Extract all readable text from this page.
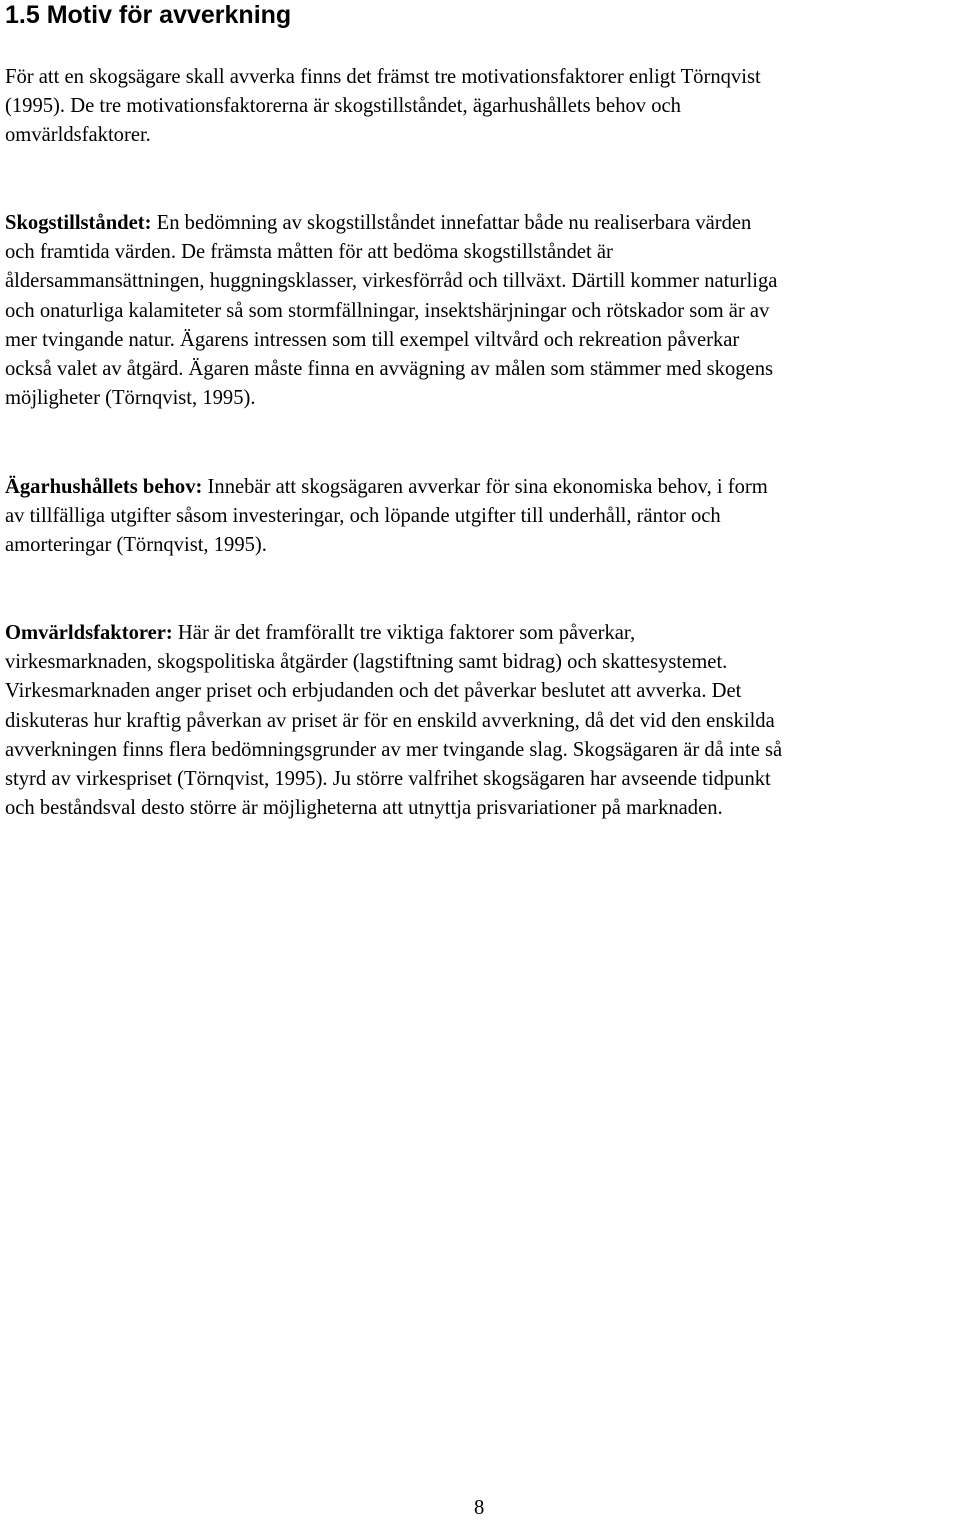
1.5 Motiv för avverkning

För att en skogsägare skall avverka finns det främst tre motivationsfaktorer enligt Törnqvist
(1995). De tre motivationsfaktorerna är skogstillståndet, ägarhushållets behov och
omvärldsfaktorer.

Skogstillståndet: En bedömning av skogstillståndet innefattar både nu realiserbara värden
och framtida värden. De främsta måtten för att bedöma skogstillståndet är
åldersammansättningen, huggningsklasser, virkesförråd och tillväxt. Därtill kommer naturliga
och onaturliga kalamiteter så som stormfällningar, insektshärjningar och rötskador som är av
mer tvingande natur. Ägarens intressen som till exempel viltvård och rekreation påverkar
också valet av åtgärd. Ägaren måste finna en avvägning av målen som stämmer med skogens
möjligheter (Törnqvist, 1995).

Ägarhushållets behov: Innebär att skogsägaren avverkar för sina ekonomiska behov, i form
av tillfälliga utgifter såsom investeringar, och löpande utgifter till underhåll, räntor och
amorteringar (Törnqvist, 1995).

Omvärldsfaktorer: Här är det framförallt tre viktiga faktorer som påverkar,
virkesmarknaden, skogspolitiska åtgärder (lagstiftning samt bidrag) och skattesystemet.
Virkesmarknaden anger priset och erbjudanden och det påverkar beslutet att avverka. Det
diskuteras hur kraftig påverkan av priset är för en enskild avverkning, då det vid den enskilda
avverkningen finns flera bedömningsgrunder av mer tvingande slag. Skogsägaren är då inte så
styrd av virkespriset (Törnqvist, 1995). Ju större valfrihet skogsägaren har avseende tidpunkt
och beståndsval desto större är möjligheterna att utnyttja prisvariationer på marknaden.

8
